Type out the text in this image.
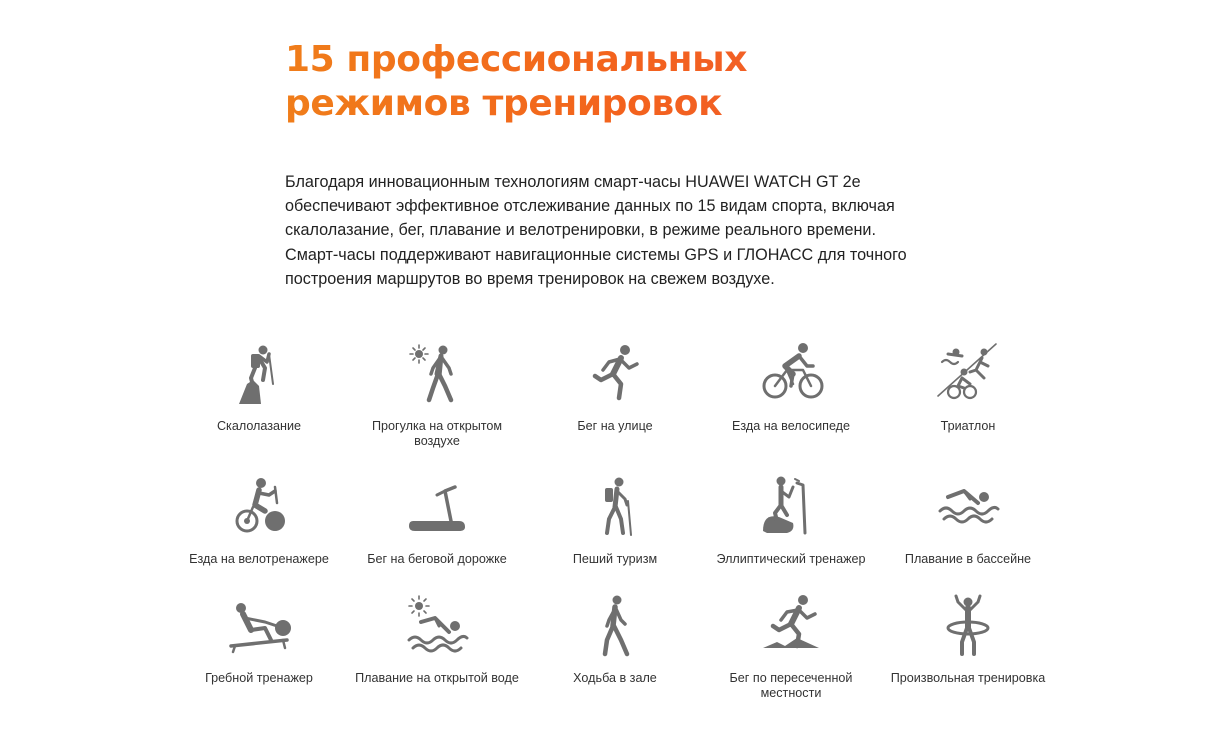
15 профессиональных
режимов тренировок

Благодаря инновационным технологиям смарт-часы HUAWEI WATCH GT 2e
обеспечивают эффективное отслеживание данных по 15 видам спорта, включая
скалолазание, бег, плавание и велотренировки, в режиме реального времени.
Смарт-часы поддерживают навигационные системы GPS и ГЛОНАСС для точного
построения маршрутов во время тренировок на свежем воздухе.

Скалолазание	Прогулка на открытом
воздухе
Бег на улице	Езда на велосипеде	Триатлон
Езда на велотренажере	Бег на беговой дорожке	Пеший туризм	Эллиптический тренажер	Плавание в бассейне
Гребной тренажер	Плавание на открытой воде	Ходьба в зале	Бег по пересеченной
местности
Произвольная тренировка
